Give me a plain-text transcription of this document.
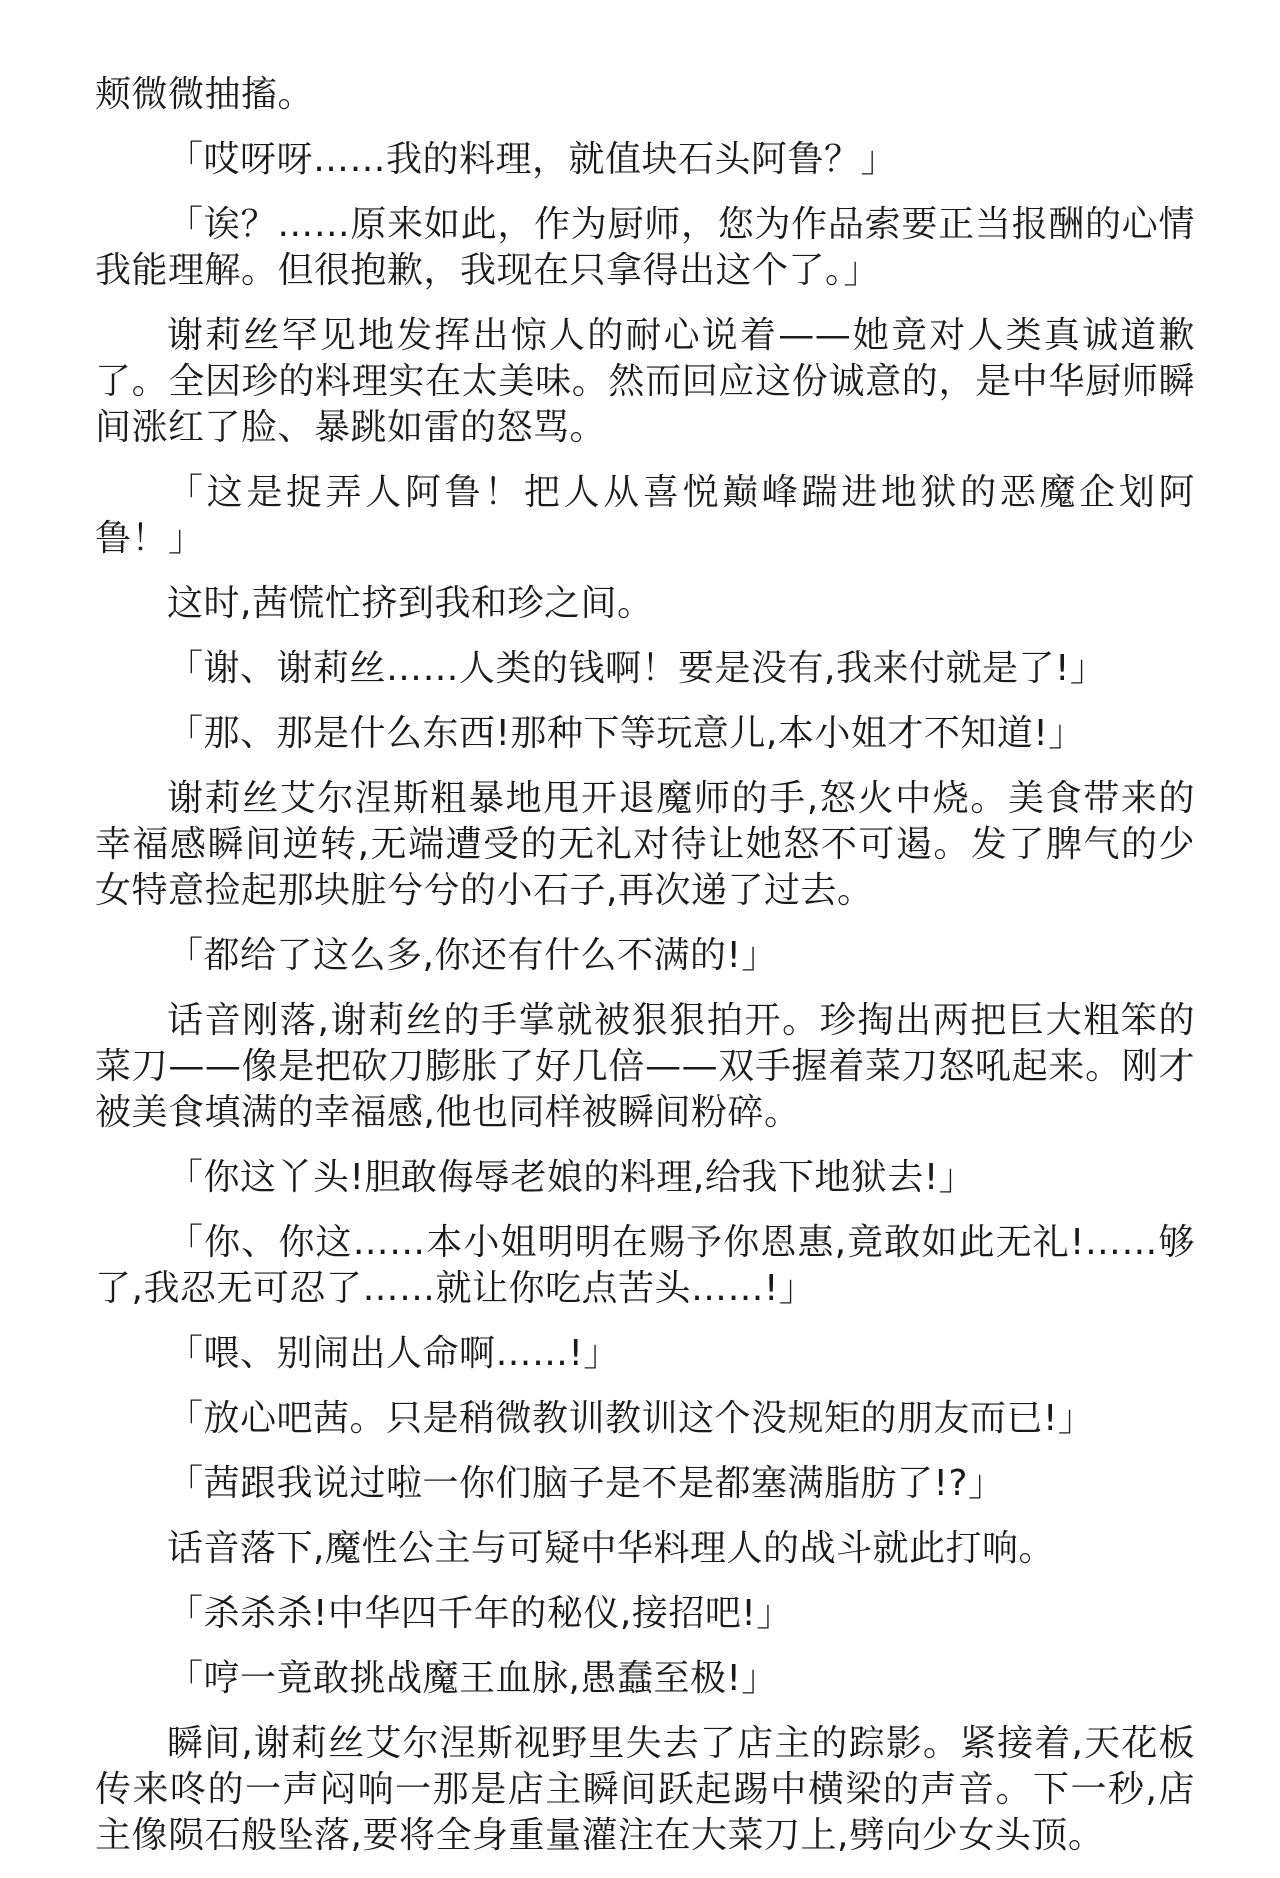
颊微微抽搐。

「哎呀呀……我的料理，就值块石头阿鲁？」

「诶？……原来如此，作为厨师，您为作品索要正当报酬的心情我能理解。但很抱歉，我现在只拿得出这个了。」

谢莉丝罕见地发挥出惊人的耐心说着——她竟对人类真诚道歉了。全因珍的料理实在太美味。然而回应这份诚意的，是中华厨师瞬间涨红了脸、暴跳如雷的怒骂。

「这是捉弄人阿鲁！把人从喜悦巅峰踹进地狱的恶魔企划阿鲁！」

这时,茜慌忙挤到我和珍之间。

「谢、谢莉丝……人类的钱啊！要是没有,我来付就是了!」

「那、那是什么东西!那种下等玩意儿,本小姐才不知道!」

谢莉丝艾尔涅斯粗暴地甩开退魔师的手,怒火中烧。美食带来的幸福感瞬间逆转,无端遭受的无礼对待让她怒不可遏。发了脾气的少女特意捡起那块脏兮兮的小石子,再次递了过去。

「都给了这么多,你还有什么不满的!」

话音刚落,谢莉丝的手掌就被狠狠拍开。珍掏出两把巨大粗笨的菜刀——像是把砍刀膨胀了好几倍——双手握着菜刀怒吼起来。刚才被美食填满的幸福感,他也同样被瞬间粉碎。

「你这丫头!胆敢侮辱老娘的料理,给我下地狱去!」

「你、你这……本小姐明明在赐予你恩惠,竟敢如此无礼!……够了,我忍无可忍了……就让你吃点苦头……!」

「喂、别闹出人命啊……!」

「放心吧茜。只是稍微教训教训这个没规矩的朋友而已!」

「茜跟我说过啦一你们脑子是不是都塞满脂肪了!?」

话音落下,魔性公主与可疑中华料理人的战斗就此打响。

「杀杀杀!中华四千年的秘仪,接招吧!」

「哼一竟敢挑战魔王血脉,愚蠢至极!」

瞬间,谢莉丝艾尔涅斯视野里失去了店主的踪影。紧接着,天花板传来咚的一声闷响一那是店主瞬间跃起踢中横梁的声音。下一秒,店主像陨石般坠落,要将全身重量灌注在大菜刀上,劈向少女头顶。
